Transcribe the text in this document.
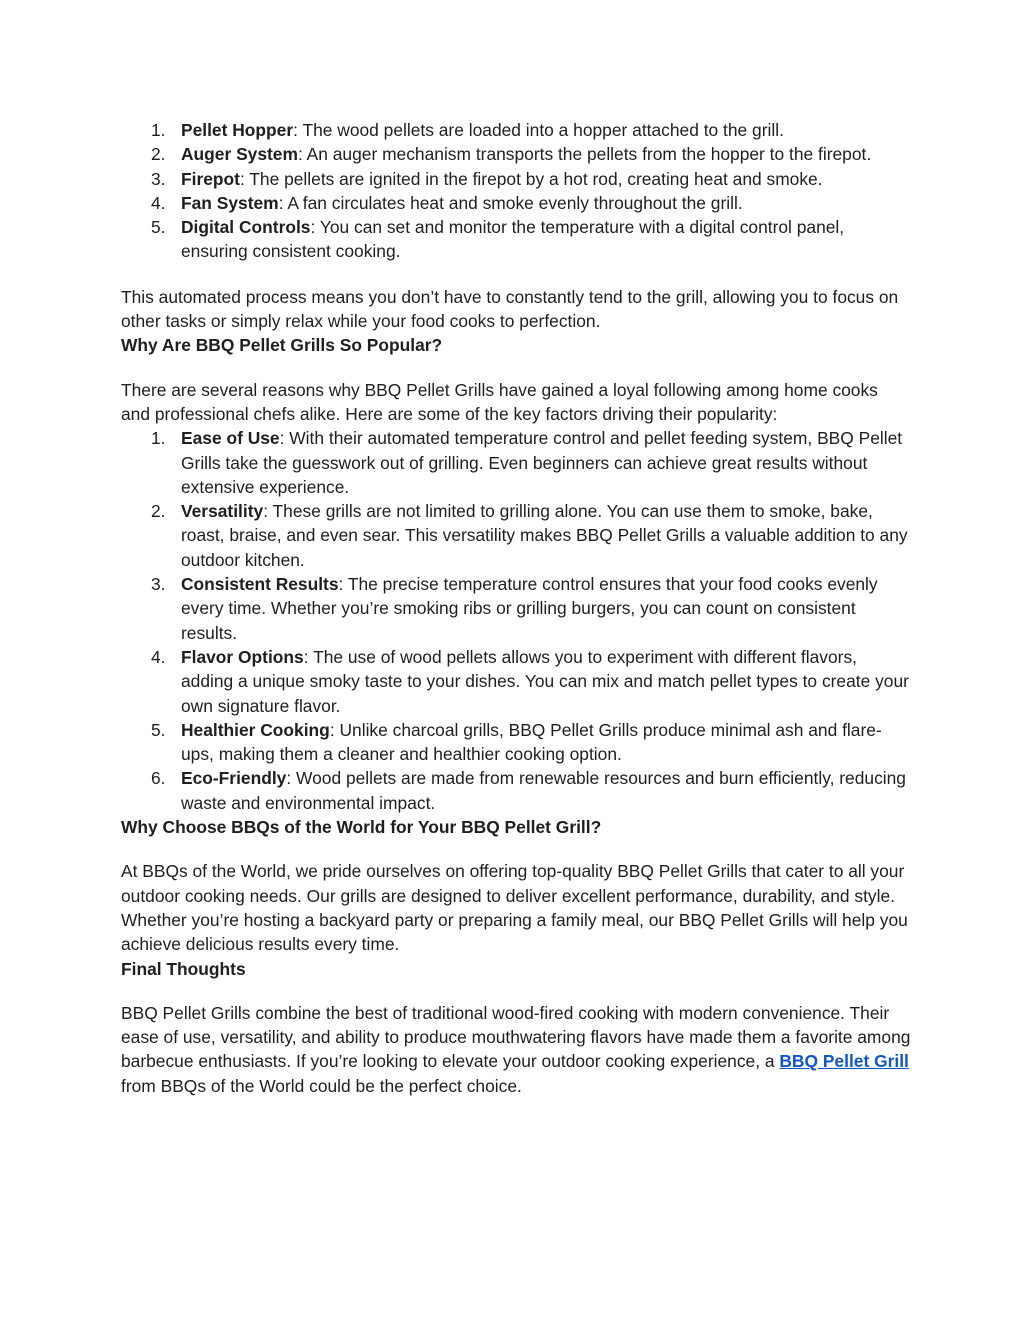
1. Pellet Hopper: The wood pellets are loaded into a hopper attached to the grill.
2. Auger System: An auger mechanism transports the pellets from the hopper to the firepot.
3. Firepot: The pellets are ignited in the firepot by a hot rod, creating heat and smoke.
4. Fan System: A fan circulates heat and smoke evenly throughout the grill.
5. Digital Controls: You can set and monitor the temperature with a digital control panel, ensuring consistent cooking.

This automated process means you don’t have to constantly tend to the grill, allowing you to focus on other tasks or simply relax while your food cooks to perfection.

Why Are BBQ Pellet Grills So Popular?

There are several reasons why BBQ Pellet Grills have gained a loyal following among home cooks and professional chefs alike. Here are some of the key factors driving their popularity:

1. Ease of Use: With their automated temperature control and pellet feeding system, BBQ Pellet Grills take the guesswork out of grilling. Even beginners can achieve great results without extensive experience.
2. Versatility: These grills are not limited to grilling alone. You can use them to smoke, bake, roast, braise, and even sear. This versatility makes BBQ Pellet Grills a valuable addition to any outdoor kitchen.
3. Consistent Results: The precise temperature control ensures that your food cooks evenly every time. Whether you’re smoking ribs or grilling burgers, you can count on consistent results.
4. Flavor Options: The use of wood pellets allows you to experiment with different flavors, adding a unique smoky taste to your dishes. You can mix and match pellet types to create your own signature flavor.
5. Healthier Cooking: Unlike charcoal grills, BBQ Pellet Grills produce minimal ash and flare-ups, making them a cleaner and healthier cooking option.
6. Eco-Friendly: Wood pellets are made from renewable resources and burn efficiently, reducing waste and environmental impact.
Why Choose BBQs of the World for Your BBQ Pellet Grill?

At BBQs of the World, we pride ourselves on offering top-quality BBQ Pellet Grills that cater to all your outdoor cooking needs. Our grills are designed to deliver excellent performance, durability, and style. Whether you’re hosting a backyard party or preparing a family meal, our BBQ Pellet Grills will help you achieve delicious results every time.

Final Thoughts

BBQ Pellet Grills combine the best of traditional wood-fired cooking with modern convenience. Their ease of use, versatility, and ability to produce mouthwatering flavors have made them a favorite among barbecue enthusiasts. If you’re looking to elevate your outdoor cooking experience, a BBQ Pellet Grill from BBQs of the World could be the perfect choice.
